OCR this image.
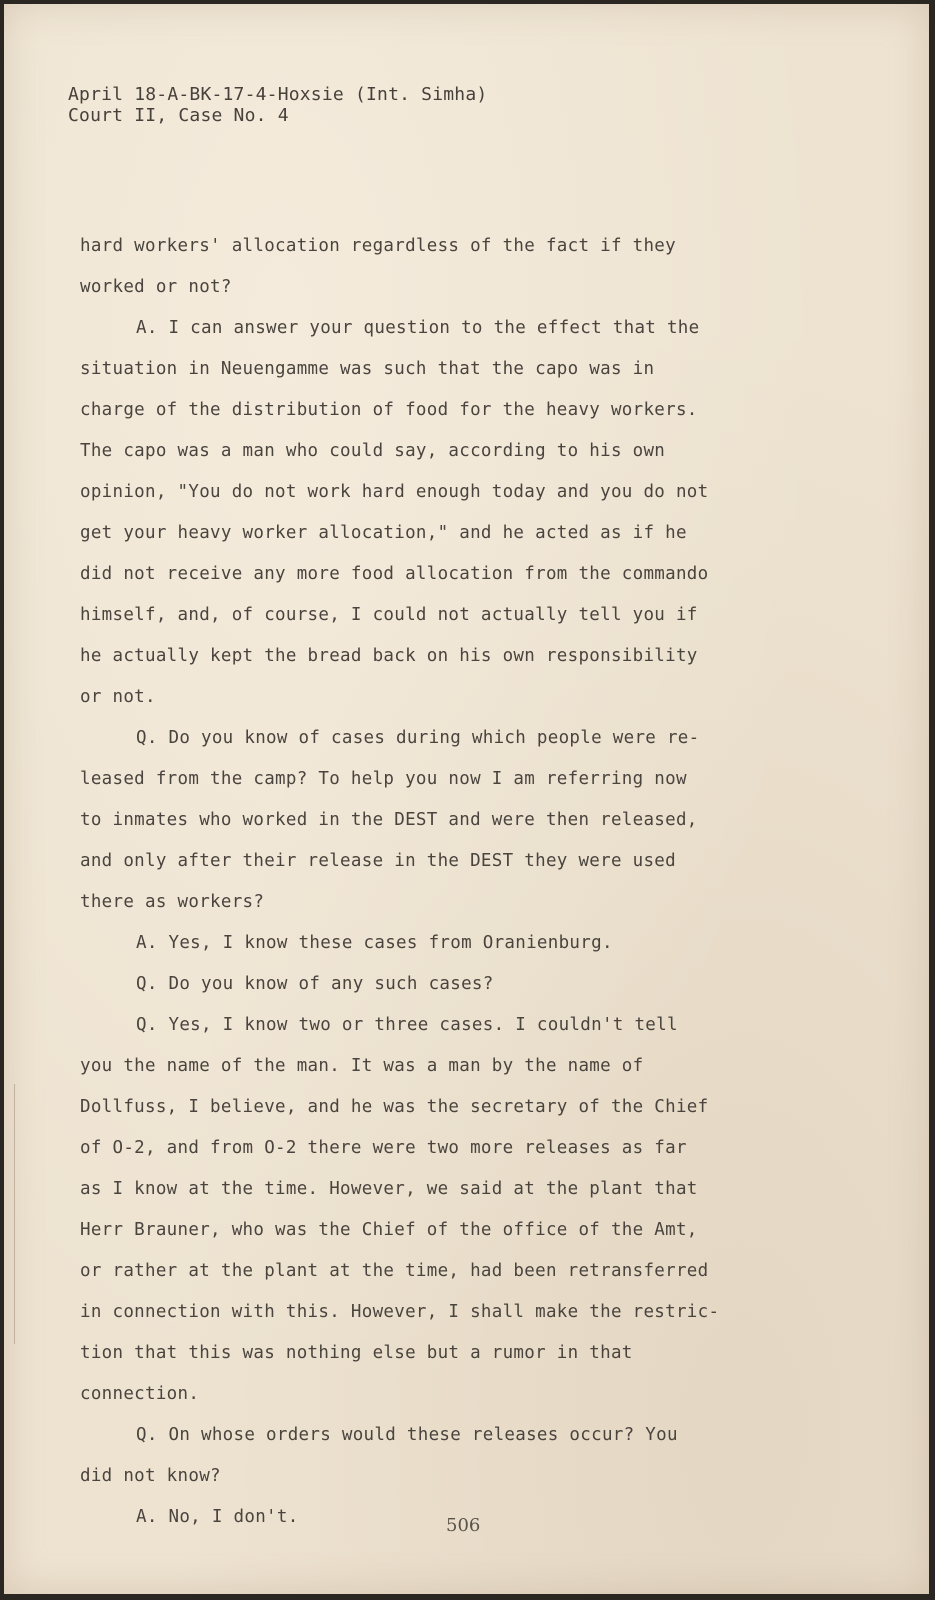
April 18-A-BK-17-4-Hoxsie (Int. Simha)
Court II, Case No. 4
hard workers' allocation regardless of the fact if they
worked or not?
A. I can answer your question to the effect that the
situation in Neuengamme was such that the capo was in
charge of the distribution of food for the heavy workers.
The capo was a man who could say, according to his own
opinion, "You do not work hard enough today and you do not
get your heavy worker allocation," and he acted as if he
did not receive any more food allocation from the commando
himself, and, of course, I could not actually tell you if
he actually kept the bread back on his own responsibility
or not.
Q. Do you know of cases during which people were re-
leased from the camp? To help you now I am referring now
to inmates who worked in the DEST and were then released,
and only after their release in the DEST they were used
there as workers?
A. Yes, I know these cases from Oranienburg.
Q. Do you know of any such cases?
Q. Yes, I know two or three cases. I couldn't tell
you the name of the man. It was a man by the name of
Dollfuss, I believe, and he was the secretary of the Chief
of O-2, and from O-2 there were two more releases as far
as I know at the time. However, we said at the plant that
Herr Brauner, who was the Chief of the office of the Amt,
or rather at the plant at the time, had been retransferred
in connection with this. However, I shall make the restric-
tion that this was nothing else but a rumor in that
connection.
Q. On whose orders would these releases occur? You
did not know?
A. No, I don't.	506
